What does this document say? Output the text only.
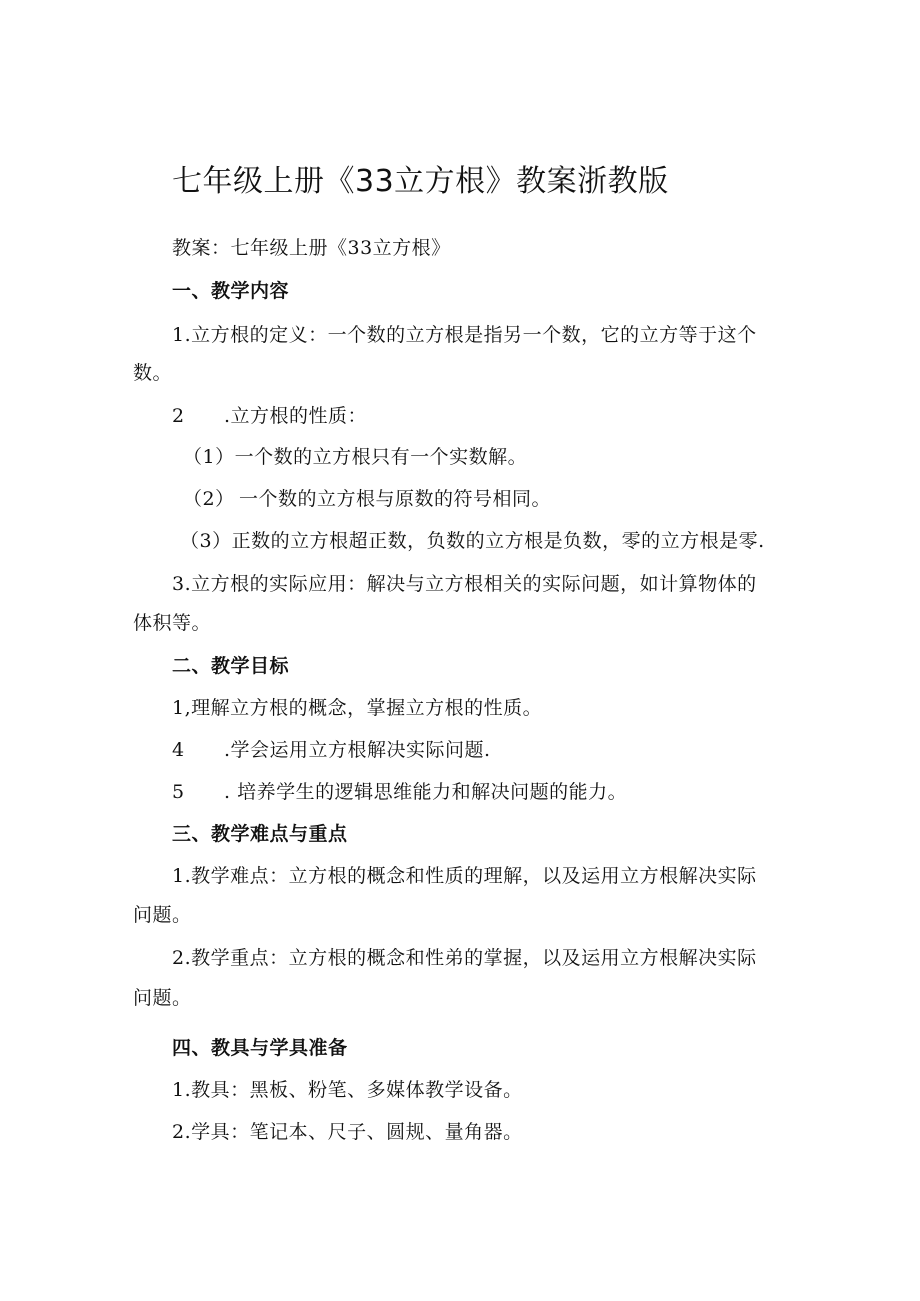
七年级上册《33立方根》教案浙教版
教案：七年级上册《33立方根》
一、教学内容
1.立方根的定义：一个数的立方根是指另一个数，它的立方等于这个
数。
2 .立方根的性质：
（1）一个数的立方根只有一个实数解。
（2） 一个数的立方根与原数的符号相同。
（3）正数的立方根超正数，负数的立方根是负数，零的立方根是零.
3.立方根的实际应用：解决与立方根相关的实际问题，如计算物体的
体积等。
二、教学目标
1,理解立方根的概念，掌握立方根的性质。
4 .学会运用立方根解决实际问题.
5 . 培养学生的逻辑思维能力和解决问题的能力。
三、教学难点与重点
1.教学难点：立方根的概念和性质的理解，以及运用立方根解决实际
问题。
2.教学重点：立方根的概念和性弟的掌握，以及运用立方根解决实际
问题。
四、教具与学具准备
1.教具：黑板、粉笔、多媒体教学设备。
2.学具：笔记本、尺子、圆规、量角器。
